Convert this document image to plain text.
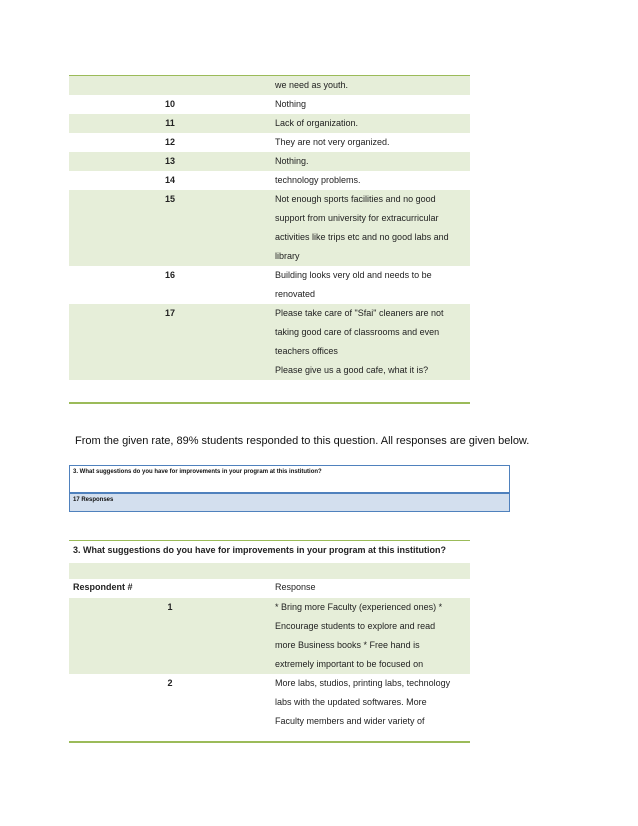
we need as youth.

10	Nothing
11	Lack of organization.
12	They are not very organized.
13	Nothing.
14	technology problems.
15	Not enough sports facilities and no good
support from university for extracurricular
activities like trips etc and no good labs and
library
16	Building looks very old and needs to be
renovated
17	Please take care of "Sfai" cleaners are not
taking good care of classrooms and even
teachers offices
Please give us a good cafe, what it is?
From the given rate, 89% students responded to this question. All responses are given below.
3. What suggestions do you have for improvements in your program at this institution?
17 Responses
3. What suggestions do you have for improvements in your program at this institution?
Respondent #	Response
1	* Bring more Faculty (experienced ones) *
Encourage students to explore and read
more Business books * Free hand is
extremely important to be focused on
2	More labs, studios, printing labs, technology
labs with the updated softwares. More
Faculty members and wider variety of
